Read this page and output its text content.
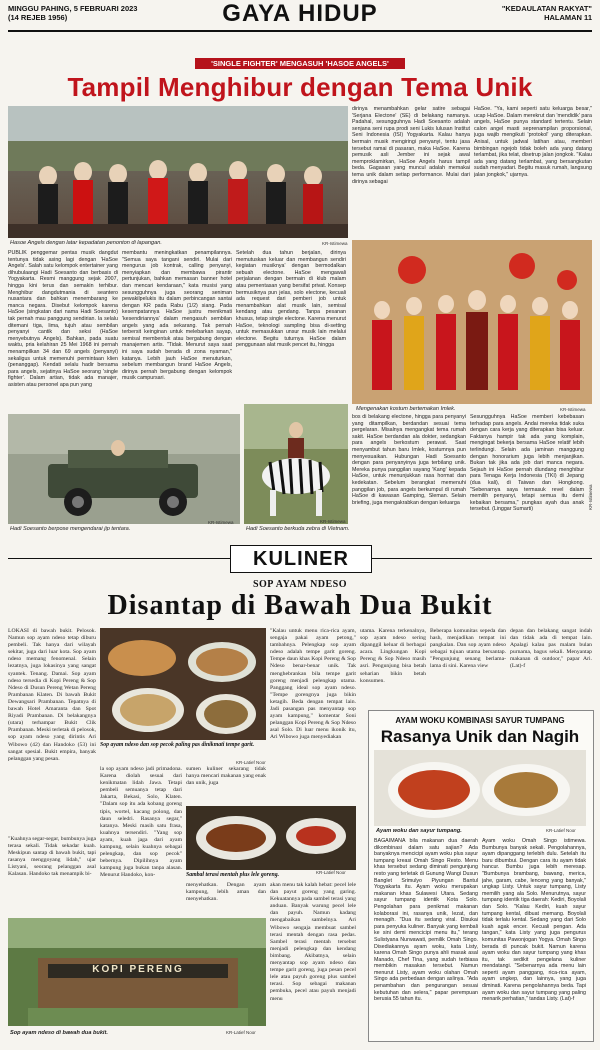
MINGGU PAHING, 5 FEBRUARI 2023
(14 REJEB 1956)	GAYA HIDUP	"KEDAULATAN RAKYAT"
HALAMAN 11
'SINGLE FIGHTER' MENGASUH 'HASOE ANGELS'
Tampil Menghibur dengan Tema Unik
Hasoe Angels dengan latar kepadatan penonton di lapangan.	KR-Istimewa
PUBLIK penggemar pentas musik dangdut tentunya tidak asing lagi dengan 'HaSoe Angels'. Salah satu kelompok entertainer yang dihubulaangi Hadi Soesanto dan berbasis di Yogyakarta. Resmi manggung sejak 2007, hingga kini terus dan semakin terhibur. Menghibur dangdutmania di seantero nusantara dan bahkan menembarang ke manca negara. Disebut kelompok karena HaSoe (singkatan dari nama Hadi Soesanto) tak pernah mau panggung sendirian. Ia selalu ditemani tiga, lima, tujuh atau sembilan penyanyi cantik dan seksi (HaSoe menyebutnya Angels). Bahkan, pada suatu waktu, pria kelahiran 25 Mei 1968 ini pernah menampilkan 34 dan 69 angels (penyanyi) sekaligus untuk memenuhi permintaan klien (penanggap). Kendati selalu hadir bersama para angels, sejatinya HaSoe seorang 'single fighter'. Dalam artian, tidak ada manajer, asisten atau personel apa pun yang
membantu meningkatkan penampilannya. "Semua saya tangani sendiri. Mulai dari mengurus job kontrak, calling penyanyi, menyiapkan dan membawa pirantir pertunjukan, bahkan memasan banner hotel dan mencari kendaraan," kata musisi yang sesungguhnya juga seorang seniman pewakilpelukis itu dalam perbincangan santai dengan KR pada Rabu (1/2) siang. Pada kesempatannya HaSoe justru menikmati 'kesendiriannya' dalam mengasuh sembilan angels yang ada sekarang. Tak pernah terbersit keinginan untuk melebarkan sayap, semisal membentuk atau bergabung dengan manajemen artis. "Tidak. Menurut saya saat ini saya sudah berada di zona nyaman," katanya. Lebih jauh HaSoe menuturkan, sebelum membangun brand HaSoe Angels, dirinya pernah bergabung dengan kelompok musik campursari.
Setelah dua tahun berjalan, dirinya memutuskan keluar dan membangun sendiri kegiatan musiknya' dengan bermodalkan sebuah electone. HaSoe mengawali perjalanan dengan bermain di klub malam atau pementasan yang bersifat privat. Konsep bermusiknya pun jelas, solo electone, kecuali ada request dari pemberi job untuk menambahkan alat musik lain, semisal kendang atau gendang. Tanpa pesanan khusus, tetap single electone. Karena menurut HaSoe, teknologi sampling bisa di-setting untuk memasukkan unsur musik lain melalui electone. Begitu tuturnya HaSoe dalam penggunaan alat musik pencet itu, hingga
dirinya menambahkan gelar satire sebagai 'Serjana Electone' (SE) di belakang namanya. Padahal, sesungguhnya Hadi Soesanto adalah senjana seni rupa prodi seni Lukis lulusan Institut Seni Indonesia (ISI) Yogyakarta. Kalau hanya bermain musik mengiringi penyanyi, tentu jasa tersebut ramai di pasaran, maka HaSoe. Karena pemusik asli Jember ini sejak awal memproklamirkan, HaSoe Angels harus tampil beda. Gagasan yang muncul adalah memakai tema unik dalam setiap performance. Mulai dari dirinya sebagai
HaSoe. "Ya, kami seperti satu keluarga besar," ucap HaSoe. Dalam merekrut dan 'mendidik' para angels, HaSoe punya standard tertentu. Selain calon angel masti seprenampilan proporsional, juga wajib mengikuti 'protokol' yang diterapkan. Anisal, untuk jadwal latihan atau, memberi bimbingan ngejob tidak boleh ada yang datang terlambat, jika telat, disetrup jalan jongkok. "Kalau ada yang datang terlambat, yang bersangkutan sudah menyadari. Begitu masuk rumah, langsung jalan jongkok," ujarnya.
Mengenakan kostum bertemakan Imlek.	KR-Istimewa
Hadi Soesanto berpose mengendarai jip tentara.
KR-Istimewa
Hadi Soesanto berkuda zebra di Vietnam.
KR-Istimewa
bos di belakang electone, hingga para penyanyi yang ditampilkan, berdandan sesuai tema pergelaran. Misalnya mengangkat tema rumah sakit. HaSoe berdandan ala dokter, sedangkan para angels berkostum perawat. Saat menyambut tahun baru Imlek, kostumnya pun menyesuaikan. Hubungan Hadi Soesanto dengan para penyanyinya juga terbilang unik. Mereka punya panggilan sayang 'Kang' kepada HaSoe, untuk menunjukkan rasa hormat dan kedekatan. Sebelum berangkat memenuhi panggilan job, para angels berkumpul di rumah HaSoe di kawasan Gamping, Sleman. Selain briefing, juga mengakrabkan dengan keluarga
Sesungguhnya HaSoe memberi kebebasan terhadap para angels. Andai mereka tidak suka dengan cara kerja yang diterapkan bisa keluar. Faktanya hampir tak ada yang komplain, mengingat bekerja bersama HaSoe relatif lebih terlindungi. Selain ada jaminan manggung dengan honorarium juga lebih menjanjikan. Bukan tak jika ada job dari manca negara. Sejauh ini HaSoe pernah diundang menghibur para Tenaga Kerja Indonesia (TKI) di Jepang (dua kali), di Taiwan dan Hongkong. "Sebenarnya saya termasuk revel dalam memilih penyanyi, tetapi semua itu demi kebaikan bersama," pungkas ayah dua anak tersebut. (Linggar Sumarti)	KR-Istimewa
KULINER
SOP AYAM NDESO
Disantap di Bawah Dua Bukit
LOKASI di bawah bukit. Pelosok. Namun sop ayam ndeso tetap diburu pembeli. Tak hanya dari wilayah sekitar, juga dari luar kota. Sop ayam ndeso memang fenomenal. Selain lezatnya, juga lokasinya yang sangat syantek. Tenang. Damai. Sop ayam ndeso tersedia di Kopi Pereng & Sop Ndeso di Dusun Pereng Wetan Pereng Prambanan Klaten. Di bawah Bukit Dewangsari Prambanan. Tepatnya di bawah Hotel Amaranta dan Spot Riyadi Prambanan. Di belakangnya (utara) terhampar Bukit Clik Prambanan. Meski terletak di pelosok, sop ayam ndeso yang dirintis Ari Wibowo (42) dan Handoko (53) ini sangat spesial. Bukit empira, banyak pelanggan yang pesan.
"Kuahnya segar-segar, bumbunya juga terasa sekali. Tidak sekadar kuah. Meskipun santap di bawah bukit, tapi rasanya menggoyang lidah," ujar Listyani, seorang pelanggan asal Kalasan. Handoko tak menampik bi-
Sop ayam ndeso dan sop pecok paling pas dinikmati tempe garit.
KR-Latief Noor
la sop ayam ndeso jadi primadona. Karena diolah sesuai dari kenikmatan lidah Jawa. Tetapi pembeli semuanya tetap dari Jakarta, Bekasi, Solo, Klaten. "Dalam sop itu ada kobang goreng tipis, wortel, kacang polong, dan daun seledri. Rasanya segar," katanya. Meski masih satu frasa, kuahnya tersendiri. "Yang sop ayam, kuah jaga dari ayam kampung, selain kuahnya sebagai pelengkap, dan sop pecok" bebernya. Dipilihnya ayam kampung juga bukan tanpa alasan. Menurut Handoko, kon-
sumen kuliner sekarang tidak hanya mencari makanan yang enak dan unik, juga
"Kalau untuk menu rica-rica ayam, sengaja pakai ayam petong," tambahnya. Pelengkap sop ayam ndeso adalah tempe garit goreng. Tempe daun khas Kopi Pereng & Sop Ndeso benar-benar unik. Tak menghebrankan bila tempe garit goreng menjadi pelengkap utama. Panggang ideal sop ayam ndeso. "Tempe gorengnya juga bikin ketagih. Beda dengan tempat lain. Jadi pasangan pas menyantap sop ayam kampung," komentar Soni pelanggan Kopi Pereng & Sop Ndeso asal Solo. Di luar menu ikonik itu, Ari Wibowo juga menyediakan
utama. Karena terkenalnya, sop ayam ndeso sering dipanggil keluar di berbagai acara. Lingkungan Kopi Pereng & Sop Ndeso masih asri. Pengunjung bisa betah seharian bikin betah konsumen.
Beberapa komunitas sepeda dan hash, menjadikan tempat ini pangkalan. Dan sop ayam ndeso sebagai tujuan utama bersantap. "Pengunjung senang berlama-lama di sini. Karena view
depan dan belakang sangat indah dan tidak ada di tempat lain. Apalagi kalau pas malam bulan purnama, bagus sekali. Menyantap makanan di outdoor," papar Ari. (Lat)-f
Sambal terasi mentah plus lele goreng.	KR-Latief Noor
menyehatkan. Dengan ayam kampung, lebih aman dan menyehatkan.
akan menu tak kalah hebat: pecel lele dan payut goreng yang garing. Kekuatannya pada sambel terasi yang anduan. Banyak warung pecel lele dan payuh. Namun kadang mengabaikan sambelnya. Ari Wibowo sengaja membuat sambel terasi mentah dengan rasa pedas. Sambel terasi mentah tersebut menjadi pelengkap dan kendang bimbang. Akibatnya, selain menyantap sop ayam ndeso dan tempe garit goreng, juga pesan pecel lele atau payuh goreng plus sambel terasi. Sop sebagai makanan pembuka, pecel atau payuh menjadi menu
KOPI PERENG
Sop ayam ndeso di bawah dua bukit.	KR-Latief Noor
AYAM WOKU KOMBINASI SAYUR TUMPANG
Rasanya Unik dan Nagih
Ayam woku dan sayur tumpang.	KR-Latief Noor
BAGAIMANA bila makanan dua daerah dikombinasi dalam satu sajian? Ada banyaknya mencicipi ayam woku plus sayur tumpang kreasi Omah Singo Resto. Menu khas tersebut sedang diminati pengunjung resto yang terletak di Gunung Wangi Dusun Banglet Srimulyo Piyungan Bantul Yogyakarta itu. Ayam woku merupakan makanan khas Sulawesi Utara. Sedang sayur tumpang identik Kota Solo. Pengolahan para penikmat makanan kolaborasi ini, rasanya unik, lezat, dan menagih. "Dua itu sedang viral. Disukai para penyuka kuliner. Banyak yang kembali ke sini demi mencicipi menu itu," terang Sulistyana Nurwawati, pemilik Omah Singo. Disediakannya ayam woku, kata Listy, karena Omah Singo punya ahli masak asal Manado, Chef Tina, yang sudah terbiasa membikin masakan tersebut. Namun menurut Listy, ayam woku olahan Omah Singo ada perbedaan dengan aslinya. "Ada penambahan dan pengurangan sesuai kebutuhan dan selera," papar perempuan berusia 55 tahun itu.
Ayam woku Omah Singo istimewa. Bumbunya banyak sekali. Pengolahannya, ayam dipanggang terlebih dulu. Setelah itu baru dibumbui. Dengan cara itu ayam tidak hancur. Bumbu juga lebih meresap. "Bumbunya brambang, bawang, merica, jahe, garam, cabe, lenceng yang banyak," ungkap Listy. Untuk sayur tumpang, Listy memilih yang ala Solo. Menurutnya, sayur tumpang identik tiga daerah: Kediri, Boyolali dan Solo. "Kalau Kediri, kuah sayur tumpang kental, dibuat memang. Boyolali tidak terlalu kental. Sedang yang dari Solo kuah agak encer. Kecuali pengan. Ada tangan," kata Listy yang juga pengurus komunitas Pawonjogan Yogya. Omah Singo berada di puncak bukit. Namun karena ayam woku dan sayur tumpang yang khas itu, tak sedikit pengelana kuliner mendatangi. "Sebenarnya ada menu lain seperti ayam panggang, rica-rica ayam, ayam ungkep, dan lainnya, yang juga diminati. Karena pengolahannya beda. Tapi ayam woku dan sayur tumpang yang paling menarik perhatian," tandas Listy. (Lat)-f
